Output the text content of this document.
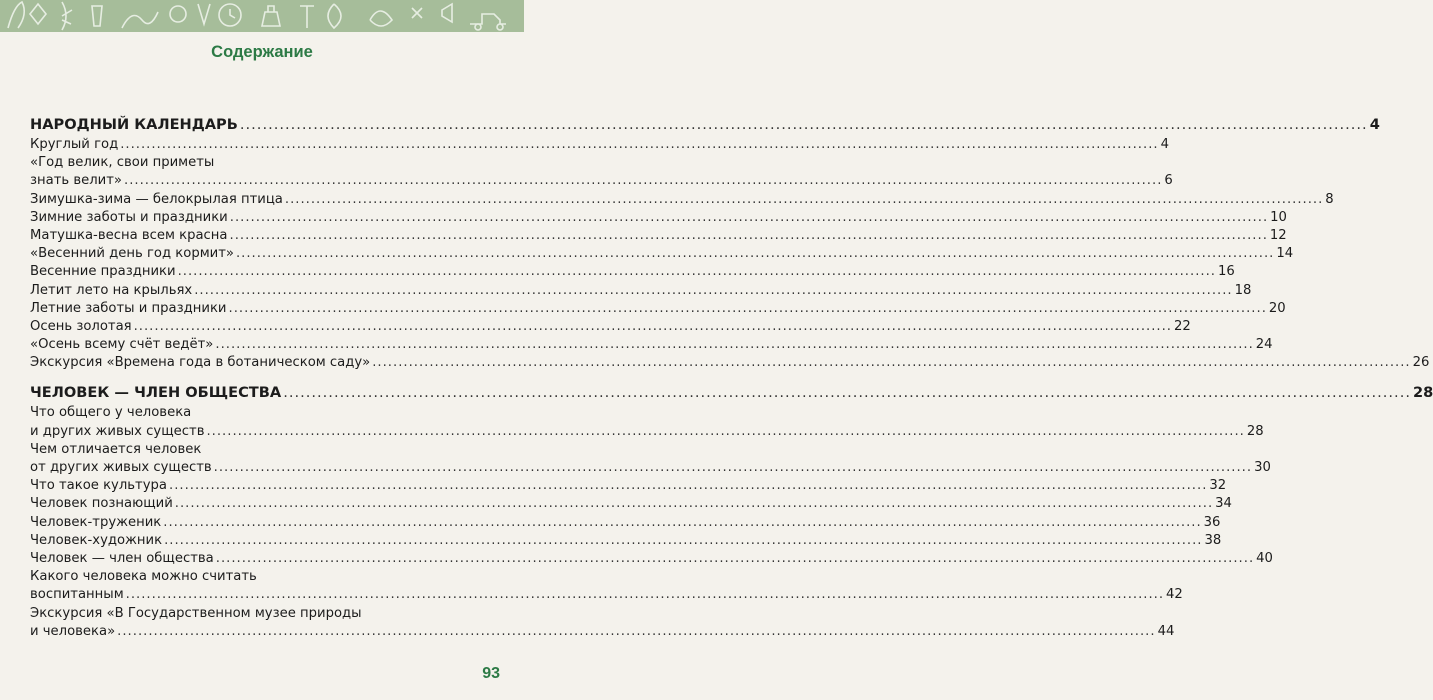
Содержание
НАРОДНЫЙ КАЛЕНДАРЬ ........................................................................................................................................................................................................ 4
Круглый год ........................................................................................................................................................................................................ 4
«Год велик, свои приметы
знать велит» ........................................................................................................................................................................................................ 6
Зимушка-зима — белокрылая птица ........................................................................................................................................................................................................ 8
Зимние заботы и праздники ........................................................................................................................................................................................................ 10
Матушка-весна всем красна ........................................................................................................................................................................................................ 12
«Весенний день год кормит» ........................................................................................................................................................................................................ 14
Весенние праздники ........................................................................................................................................................................................................ 16
Летит лето на крыльях ........................................................................................................................................................................................................ 18
Летние заботы и праздники ........................................................................................................................................................................................................ 20
Осень золотая ........................................................................................................................................................................................................ 22
«Осень всему счёт ведёт» ........................................................................................................................................................................................................ 24
Экскурсия «Времена года в ботаническом саду» ........................................................................................................................................................................................................ 26
ЧЕЛОВЕК — ЧЛЕН ОБЩЕСТВА ........................................................................................................................................................................................................ 28
Что общего у человека
и других живых существ ........................................................................................................................................................................................................ 28
Чем отличается человек
от других живых существ ........................................................................................................................................................................................................ 30
Что такое культура ........................................................................................................................................................................................................ 32
Человек познающий ........................................................................................................................................................................................................ 34
Человек-труженик ........................................................................................................................................................................................................ 36
Человек-художник ........................................................................................................................................................................................................ 38
Человек — член общества ........................................................................................................................................................................................................ 40
Какого человека можно считать
воспитанным ........................................................................................................................................................................................................ 42
Экскурсия «В Государственном музее природы
и человека» ........................................................................................................................................................................................................ 44
93
